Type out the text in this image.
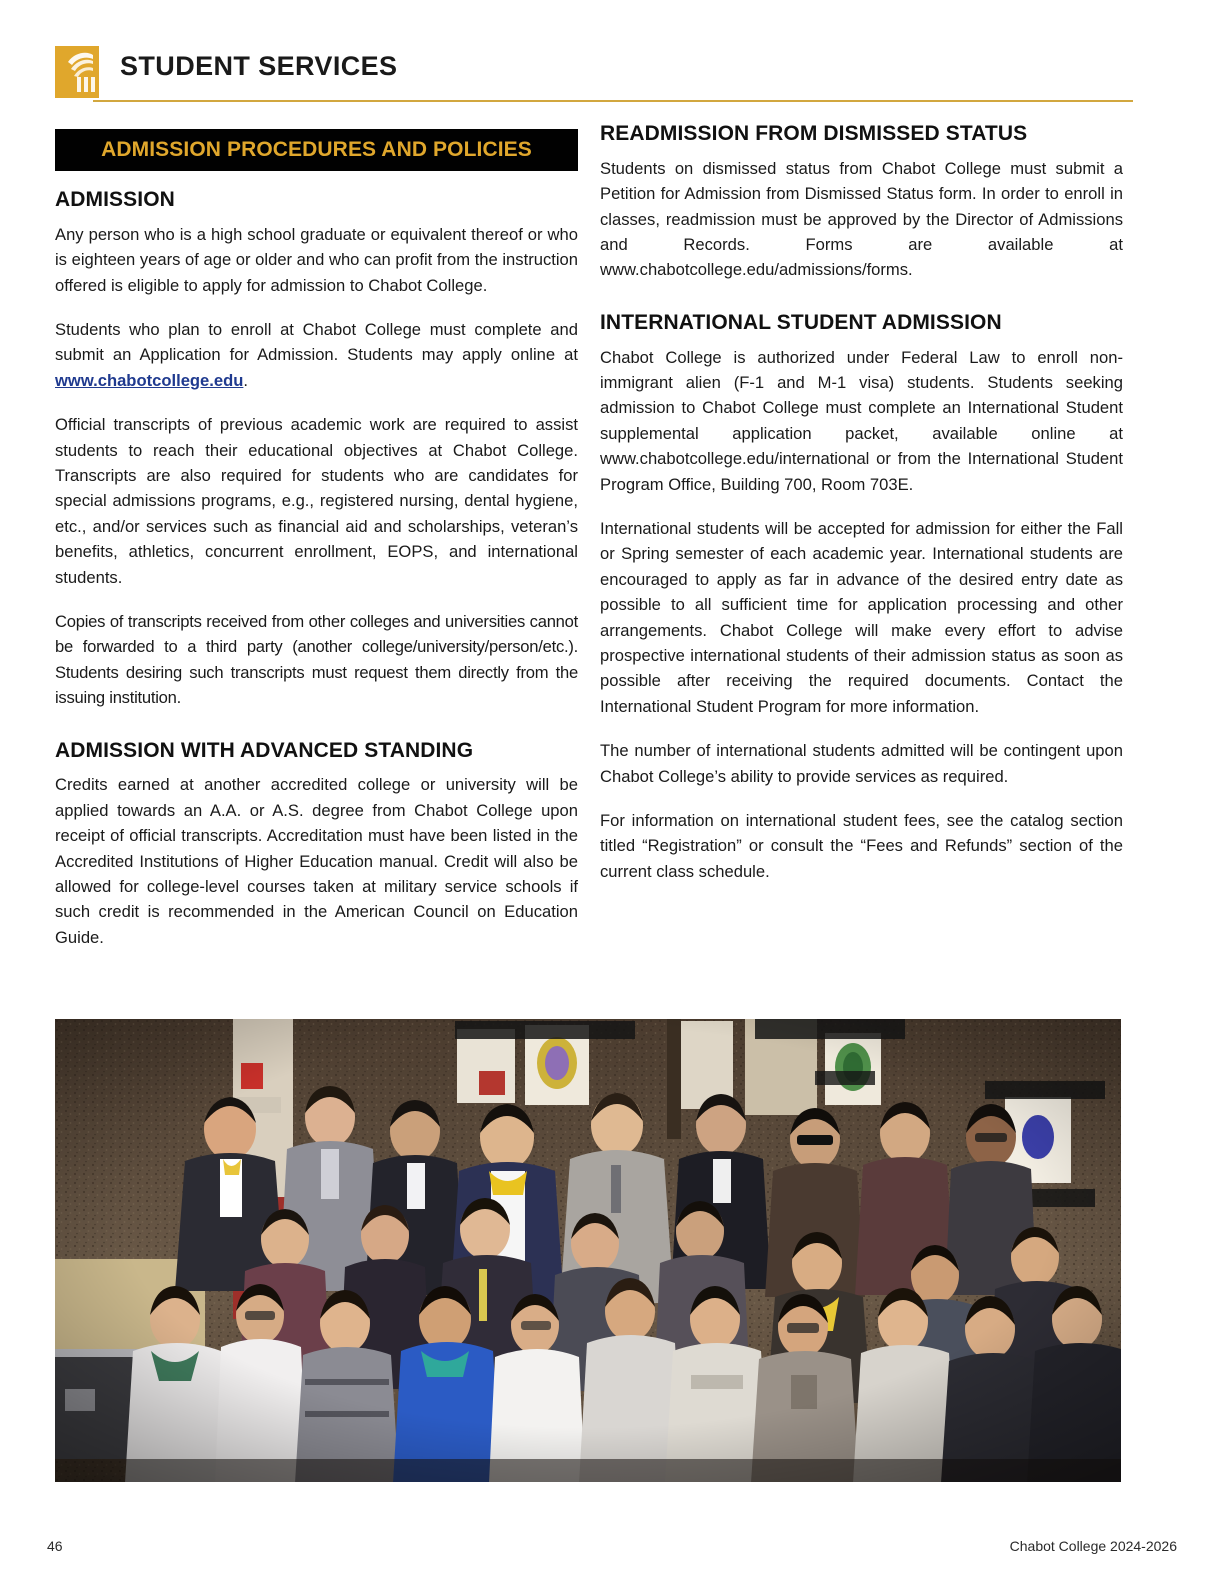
STUDENT SERVICES
ADMISSION PROCEDURES AND POLICIES
ADMISSION

Any person who is a high school graduate or equivalent thereof or who is eighteen years of age or older and who can profit from the instruction offered is eligible to apply for admission to Chabot College.

Students who plan to enroll at Chabot College must complete and submit an Application for Admission. Students may apply online at www.chabotcollege.edu.

Official transcripts of previous academic work are required to assist students to reach their educational objectives at Chabot College. Transcripts are also required for students who are candidates for special admissions programs, e.g., registered nursing, dental hygiene, etc., and/or services such as financial aid and scholarships, veteran’s benefits, athletics, concurrent enrollment, EOPS, and international students.

Copies of transcripts received from other colleges and universities cannot be forwarded to a third party (another college/university/person/etc.). Students desiring such transcripts must request them directly from the issuing institution.

ADMISSION WITH ADVANCED STANDING

Credits earned at another accredited college or university will be applied towards an A.A. or A.S. degree from Chabot College upon receipt of official transcripts. Accreditation must have been listed in the Accredited Institutions of Higher Education manual. Credit will also be allowed for college-level courses taken at military service schools if such credit is recommended in the American Council on Education Guide.

READMISSION FROM DISMISSED STATUS

Students on dismissed status from Chabot College must submit a Petition for Admission from Dismissed Status form. In order to enroll in classes, readmission must be approved by the Director of Admissions and Records. Forms are available at www.chabotcollege.edu/admissions/forms.

INTERNATIONAL STUDENT ADMISSION

Chabot College is authorized under Federal Law to enroll non-immigrant alien (F-1 and M-1 visa) students. Students seeking admission to Chabot College must complete an International Student supplemental application packet, available online at www.chabotcollege.edu/international or from the International Student Program Office, Building 700, Room 703E.

International students will be accepted for admission for either the Fall or Spring semester of each academic year. International students are encouraged to apply as far in advance of the desired entry date as possible to all sufficient time for application processing and other arrangements. Chabot College will make every effort to advise prospective international students of their admission status as soon as possible after receiving the required documents. Contact the International Student Program for more information.

The number of international students admitted will be contingent upon Chabot College’s ability to provide services as required.

For information on international student fees, see the catalog section titled “Registration” or consult the “Fees and Refunds” section of the current class schedule.

46	Chabot College 2024-2026
